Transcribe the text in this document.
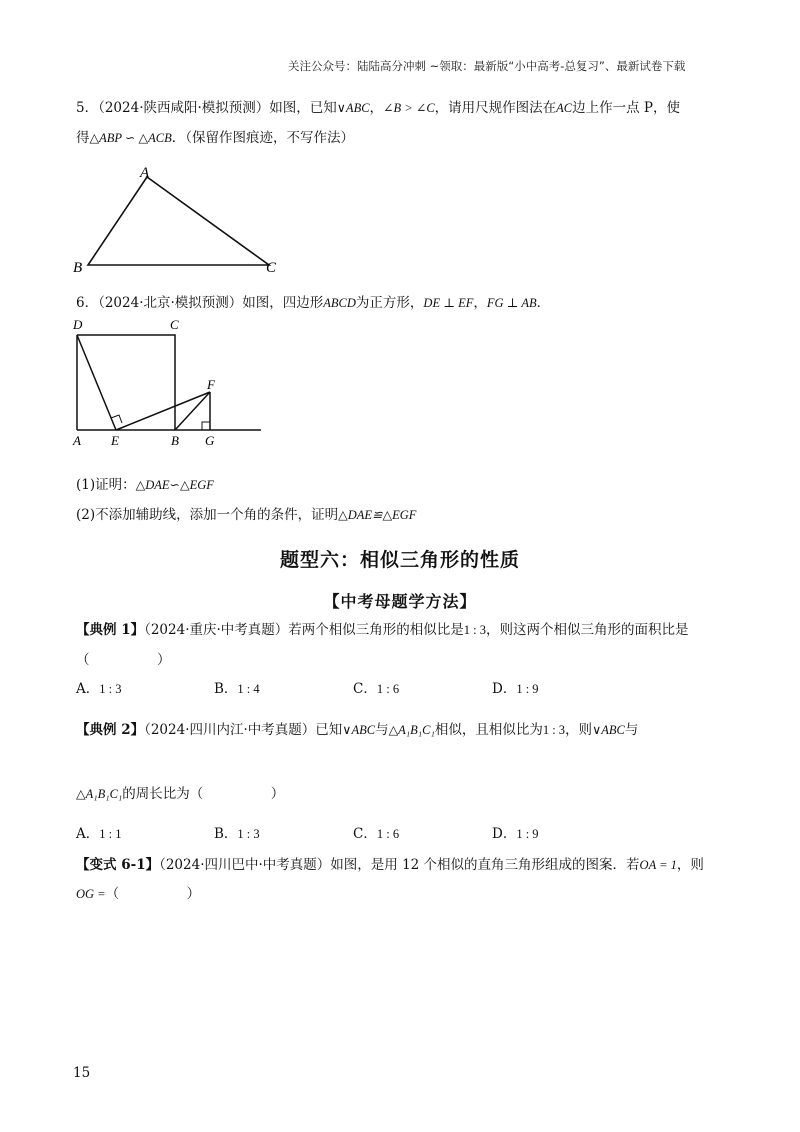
关注公众号：陆陆高分冲刺 ~领取：最新版“小中高考-总复习”、最新试卷下载
5．（2024·陕西咸阳·模拟预测）如图，已知∨ABC，∠B > ∠C，请用尺规作图法在AC边上作一点 P，使
得△ABP ∽ △ACB．（保留作图痕迹，不写作法）
A
B	C
6．（2024·北京·模拟预测）如图，四边形ABCD为正方形，DE ⊥ EF，FG ⊥ AB．
D	C
F
A E	B G
(1)证明：△DAE∽△EGF
(2)不添加辅助线，添加一个角的条件，证明△DAE≌△EGF
题型六：相似三角形的性质
【中考母题学方法】
【典例 1】（2024·重庆·中考真题）若两个相似三角形的相似比是1 : 3，则这两个相似三角形的面积比是
（　　　　　）
A．1 : 3	B．1 : 4	C．1 : 6	D．1 : 9
【典例 2】（2024·四川内江·中考真题）已知∨ABC与△A₁B₁C₁相似，且相似比为1 : 3，则∨ABC与
△A₁B₁C₁的周长比为（　　　　　）
A．1 : 1	B．1 : 3	C．1 : 6	D．1 : 9
【变式 6-1】（2024·四川巴中·中考真题）如图，是用 12 个相似的直角三角形组成的图案．若OA = 1，则
OG =（　　　　　）
15
